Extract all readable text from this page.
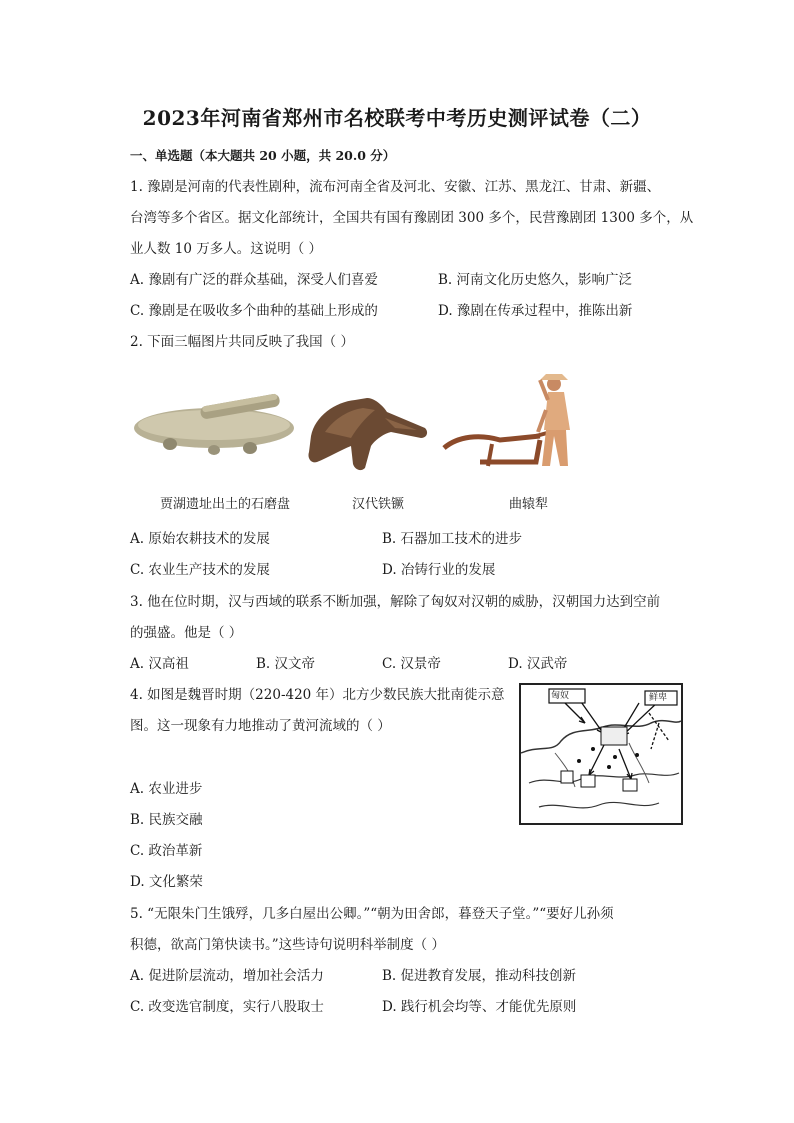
2023年河南省郑州市名校联考中考历史测评试卷（二）
一、单选题（本大题共 20 小题，共 20.0 分）
1. 豫剧是河南的代表性剧种，流布河南全省及河北、安徽、江苏、黑龙江、甘肃、新疆、
台湾等多个省区。据文化部统计，全国共有国有豫剧团 300 多个，民营豫剧团 1300 多个，从
业人数 10 万多人。这说明（ ）
A. 豫剧有广泛的群众基础，深受人们喜爱	B. 河南文化历史悠久，影响广泛
C. 豫剧是在吸收多个曲种的基础上形成的	D. 豫剧在传承过程中，推陈出新
2. 下面三幅图片共同反映了我国（ ）
贾湖遗址出土的石磨盘	汉代铁镢	曲辕犁
A. 原始农耕技术的发展	B. 石器加工技术的进步
C. 农业生产技术的发展	D. 冶铸行业的发展
3. 他在位时期，汉与西域的联系不断加强，解除了匈奴对汉朝的威胁，汉朝国力达到空前
的强盛。他是（ ）
A. 汉高祖	B. 汉文帝	C. 汉景帝	D. 汉武帝
4. 如图是魏晋时期（220-420 年）北方少数民族大批南徙示意
图。这一现象有力地推动了黄河流域的（ ）
匈奴	鲜卑
A. 农业进步
B. 民族交融
C. 政治革新
D. 文化繁荣
5. “无限朱门生饿殍，几多白屋出公卿。”“朝为田舍郎，暮登天子堂。”“要好儿孙须
积德，欲高门第快读书。”这些诗句说明科举制度（ ）
A. 促进阶层流动，增加社会活力	B. 促进教育发展，推动科技创新
C. 改变选官制度，实行八股取士	D. 践行机会均等、才能优先原则
